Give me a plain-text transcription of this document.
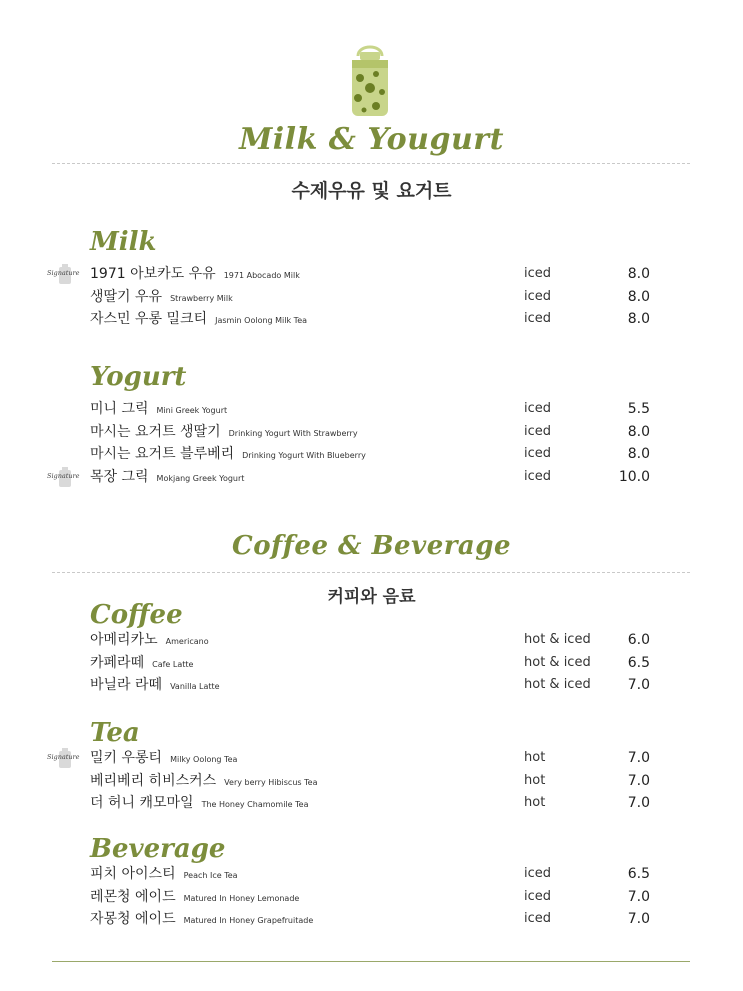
Milk & Yougurt
수제우유 및 요거트
Milk
Signature 1971 아보카도 우유 1971 Abocado Milk	iced	8.0
생딸기 우유 Strawberry Milk	iced	8.0
자스민 우롱 밀크티 Jasmin Oolong Milk Tea	iced	8.0
Yogurt
미니 그릭 Mini Greek Yogurt	iced	5.5
마시는 요거트 생딸기 Drinking Yogurt With Strawberry	iced	8.0
마시는 요거트 블루베리 Drinking Yogurt With Blueberry	iced	8.0
Signature 목장 그릭 Mokjang Greek Yogurt	iced	10.0
Coffee & Beverage
커피와 음료
Coffee
아메리카노 Americano	hot & iced	6.0
카페라떼 Cafe Latte	hot & iced	6.5
바닐라 라떼 Vanilla Latte	hot & iced	7.0
Tea
Signature 밀키 우롱티 Milky Oolong Tea	hot	7.0
베리베리 히비스커스 Very berry Hibiscus Tea	hot	7.0
더 허니 캐모마일 The Honey Chamomile Tea	hot	7.0
Beverage
피치 아이스티 Peach Ice Tea	iced	6.5
레몬청 에이드 Matured In Honey Lemonade	iced	7.0
자몽청 에이드 Matured In Honey Grapefruitade	iced	7.0
